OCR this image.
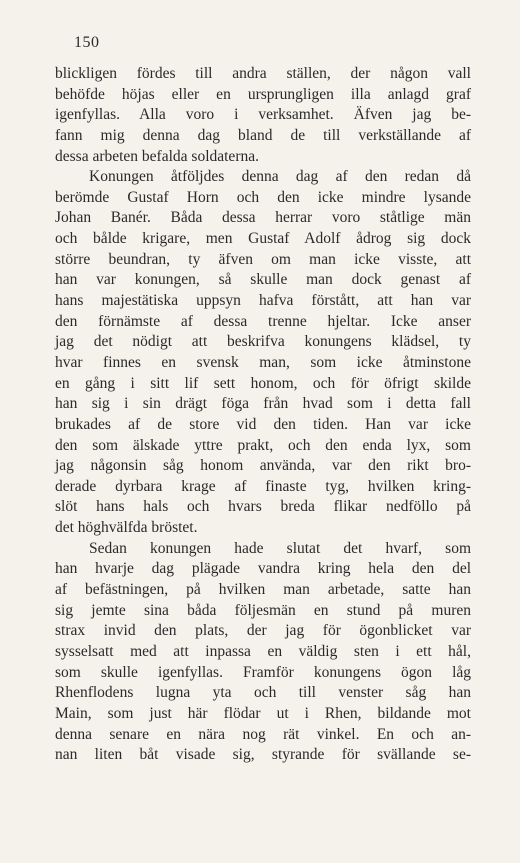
150
blickligen fördes till andra ställen, der någon vall
behöfde höjas eller en ursprungligen illa anlagd graf
igenfyllas. Alla voro i verksamhet. Äfven jag be-
fann mig denna dag bland de till verkställande af
dessa arbeten befalda soldaterna.
Konungen åtföljdes denna dag af den redan då
berömde Gustaf Horn och den icke mindre lysande
Johan Banér. Båda dessa herrar voro ståtlige män
och bålde krigare, men Gustaf Adolf ådrog sig dock
större beundran, ty äfven om man icke visste, att
han var konungen, så skulle man dock genast af
hans majestätiska uppsyn hafva förstått, att han var
den förnämste af dessa trenne hjeltar. Icke anser
jag det nödigt att beskrifva konungens klädsel, ty
hvar finnes en svensk man, som icke åtminstone
en gång i sitt lif sett honom, och för öfrigt skilde
han sig i sin drägt föga från hvad som i detta fall
brukades af de store vid den tiden. Han var icke
den som älskade yttre prakt, och den enda lyx, som
jag någonsin såg honom använda, var den rikt bro-
derade dyrbara krage af finaste tyg, hvilken kring-
slöt hans hals och hvars breda flikar nedföllo på
det höghvälfda bröstet.
Sedan konungen hade slutat det hvarf, som
han hvarje dag plägade vandra kring hela den del
af befästningen, på hvilken man arbetade, satte han
sig jemte sina båda följesmän en stund på muren
strax invid den plats, der jag för ögonblicket var
sysselsatt med att inpassa en väldig sten i ett hål,
som skulle igenfyllas. Framför konungens ögon låg
Rhenflodens lugna yta och till venster såg han
Main, som just här flödar ut i Rhen, bildande mot
denna senare en nära nog rät vinkel. En och an-
nan liten båt visade sig, styrande för svällande se-
